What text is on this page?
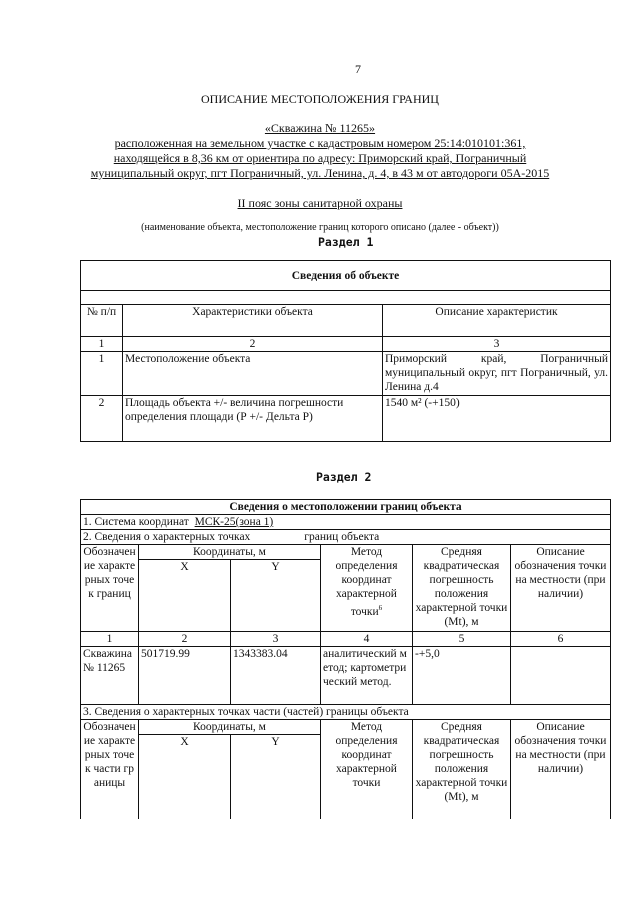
7
ОПИСАНИЕ МЕСТОПОЛОЖЕНИЯ ГРАНИЦ
«Скважина № 11265»
расположенная на земельном участке с кадастровым номером 25:14:010101:361,
находящейся в 8,36 км от ориентира по адресу: Приморский край, Пограничный
муниципальный округ, пгт Пограничный, ул. Ленина, д. 4, в 43 м от автодороги 05А-2015
II пояс зоны санитарной охраны
(наименование объекта, местоположение границ которого описано (далее - объект))
Раздел 1
Сведения об объекте		

№ п/п	Характеристики объекта	Описание характеристик
1	2	3
1	Местоположение объекта	Приморский край, Пограничный муниципальный округ, пгт Пограничный, ул. Ленина д.4
2	Площадь объекта +/- величина погрешности определения площади (Р +/- Дельта Р)	1540 м² (-+150)
Раздел 2
Сведения о местоположении границ объекта					
1. Система координат МСК-25(зона 1)					
2. Сведения о характерных точках границ объекта					
Обозначение характерных точек границ	Координаты, м		Метод определения координат характерной точки$^6$	Средняя квадратическая погрешность положения характерной точки (Mt), м	Описание обозначения точки на местности (при наличии)
	X	Y			
1	2	3	4	5	6
Скважина № 11265	501719.99	1343383.04	аналитический метод; картометрический метод.	-+5,0	
3. Сведения о характерных точках части (частей) границы объекта					
Обозначение характерных точек части границы	Координаты, м		Метод определения координат характерной точки	Средняя квадратическая погрешность положения характерной точки (Mt), м	Описание обозначения точки на местности (при наличии)
	X	Y			
